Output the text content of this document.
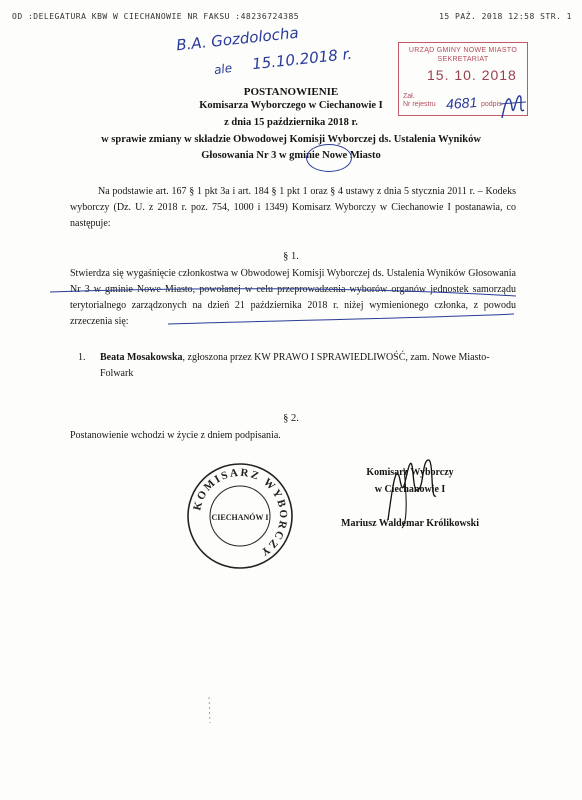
OD :DELEGATURA KBW W CIECHANOWIE NR FAKSU :48236724385	15 PAŹ. 2018 12:58 STR. 1
B.A. Gozdolocha
15.10.2018 r.
ale
URZĄD GMINY NOWE MIASTO
SEKRETARIAT
15. 10. 2018
Zał.
Nr rejestru 4681 podpis
POSTANOWIENIE
Komisarza Wyborczego w Ciechanowie I
z dnia 15 października 2018 r.
w sprawie zmiany w składzie Obwodowej Komisji Wyborczej ds. Ustalenia Wyników
Głosowania Nr 3 w gminie Nowe Miasto
Na podstawie art. 167 § 1 pkt 3a i art. 184 § 1 pkt 1 oraz § 4 ustawy z dnia 5 stycznia 2011 r. – Kodeks wyborczy (Dz. U. z 2018 r. poz. 754, 1000 i 1349) Komisarz Wyborczy w Ciechanowie I postanawia, co następuje:
§ 1.
Stwierdza się wygaśnięcie członkostwa w Obwodowej Komisji Wyborczej ds. Ustalenia Wyników Głosowania Nr 3 w gminie Nowe Miasto, powołanej w celu przeprowadzenia wyborów organów jednostek samorządu terytorialnego zarządzonych na dzień 21 października 2018 r. niżej wymienionego członka, z powodu zrzeczenia się:
1. Beata Mosakowska, zgłoszona przez KW PRAWO I SPRAWIEDLIWOŚĆ, zam. Nowe Miasto-Folwark
§ 2.
Postanowienie wchodzi w życie z dniem podpisania.
KOMISARZ WYBORCZY
CIECHANÓW I
Komisarz Wyborczy
w Ciechanowie I
Mariusz Waldemar Królikowski
